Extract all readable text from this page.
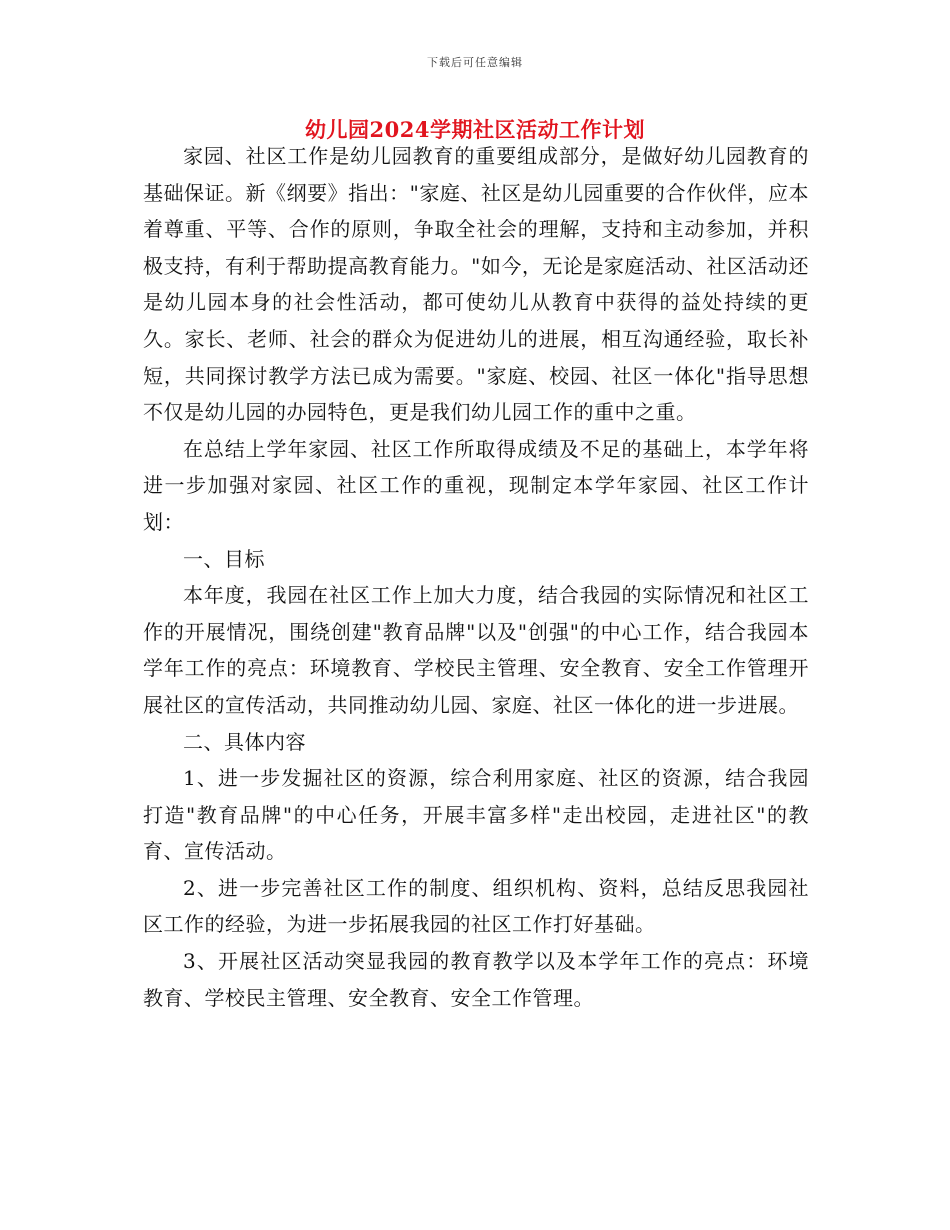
下载后可任意编辑
幼儿园2024学期社区活动工作计划

家园、社区工作是幼儿园教育的重要组成部分，是做好幼儿园教育的基础保证。新《纲要》指出："家庭、社区是幼儿园重要的合作伙伴，应本着尊重、平等、合作的原则，争取全社会的理解，支持和主动参加，并积极支持，有利于帮助提高教育能力。"如今，无论是家庭活动、社区活动还是幼儿园本身的社会性活动，都可使幼儿从教育中获得的益处持续的更久。家长、老师、社会的群众为促进幼儿的进展，相互沟通经验，取长补短，共同探讨教学方法已成为需要。"家庭、校园、社区一体化"指导思想不仅是幼儿园的办园特色，更是我们幼儿园工作的重中之重。

在总结上学年家园、社区工作所取得成绩及不足的基础上，本学年将进一步加强对家园、社区工作的重视，现制定本学年家园、社区工作计划：

一、目标

本年度，我园在社区工作上加大力度，结合我园的实际情况和社区工作的开展情况，围绕创建"教育品牌"以及"创强"的中心工作，结合我园本学年工作的亮点：环境教育、学校民主管理、安全教育、安全工作管理开展社区的宣传活动，共同推动幼儿园、家庭、社区一体化的进一步进展。

二、具体内容

1、进一步发掘社区的资源，综合利用家庭、社区的资源，结合我园打造"教育品牌"的中心任务，开展丰富多样"走出校园，走进社区"的教育、宣传活动。

2、进一步完善社区工作的制度、组织机构、资料，总结反思我园社区工作的经验，为进一步拓展我园的社区工作打好基础。

3、开展社区活动突显我园的教育教学以及本学年工作的亮点：环境教育、学校民主管理、安全教育、安全工作管理。
